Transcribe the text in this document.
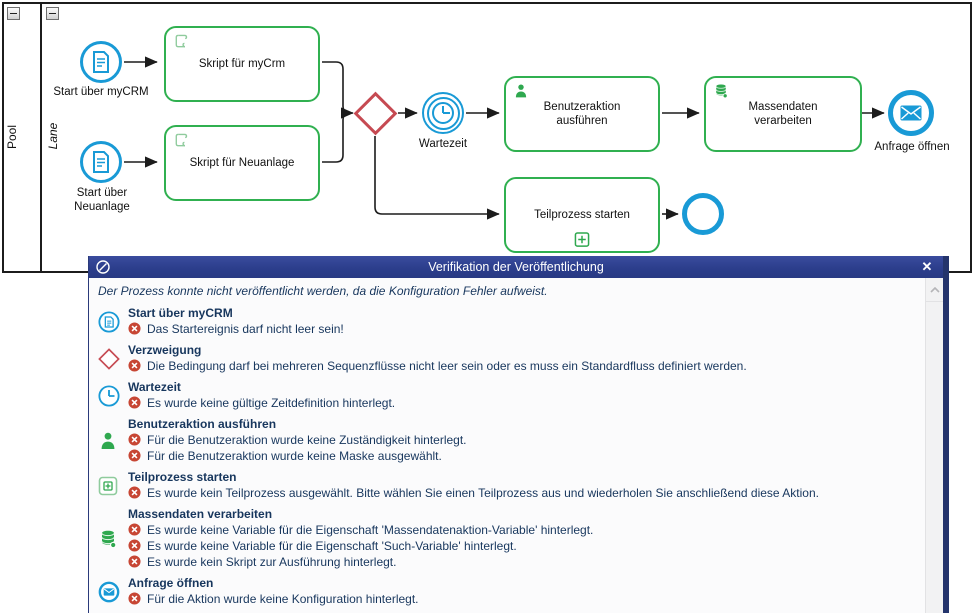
Pool	Lane
Start über myCRM
Start über Neuanlage
Skript für myCrm
Skript für Neuanlage
Wartezeit
Benutzeraktion ausführen
Teilprozess starten
Massendaten verarbeiten
Anfrage öffnen
Verifikation der Veröffentlichung	✕
Der Prozess konnte nicht veröffentlicht werden, da die Konfiguration Fehler aufweist.
Start über myCRM
Das Startereignis darf nicht leer sein!
Verzweigung
Die Bedingung darf bei mehreren Sequenzflüsse nicht leer sein oder es muss ein Standardfluss definiert werden.
Wartezeit
Es wurde keine gültige Zeitdefinition hinterlegt.
Benutzeraktion ausführen
Für die Benutzeraktion wurde keine Zuständigkeit hinterlegt.
Für die Benutzeraktion wurde keine Maske ausgewählt.
Teilprozess starten
Es wurde kein Teilprozess ausgewählt. Bitte wählen Sie einen Teilprozess aus und wiederholen Sie anschließend diese Aktion.
Massendaten verarbeiten
Es wurde keine Variable für die Eigenschaft 'Massendatenaktion-Variable' hinterlegt.
Es wurde keine Variable für die Eigenschaft 'Such-Variable' hinterlegt.
Es wurde kein Skript zur Ausführung hinterlegt.
Anfrage öffnen
Für die Aktion wurde keine Konfiguration hinterlegt.
